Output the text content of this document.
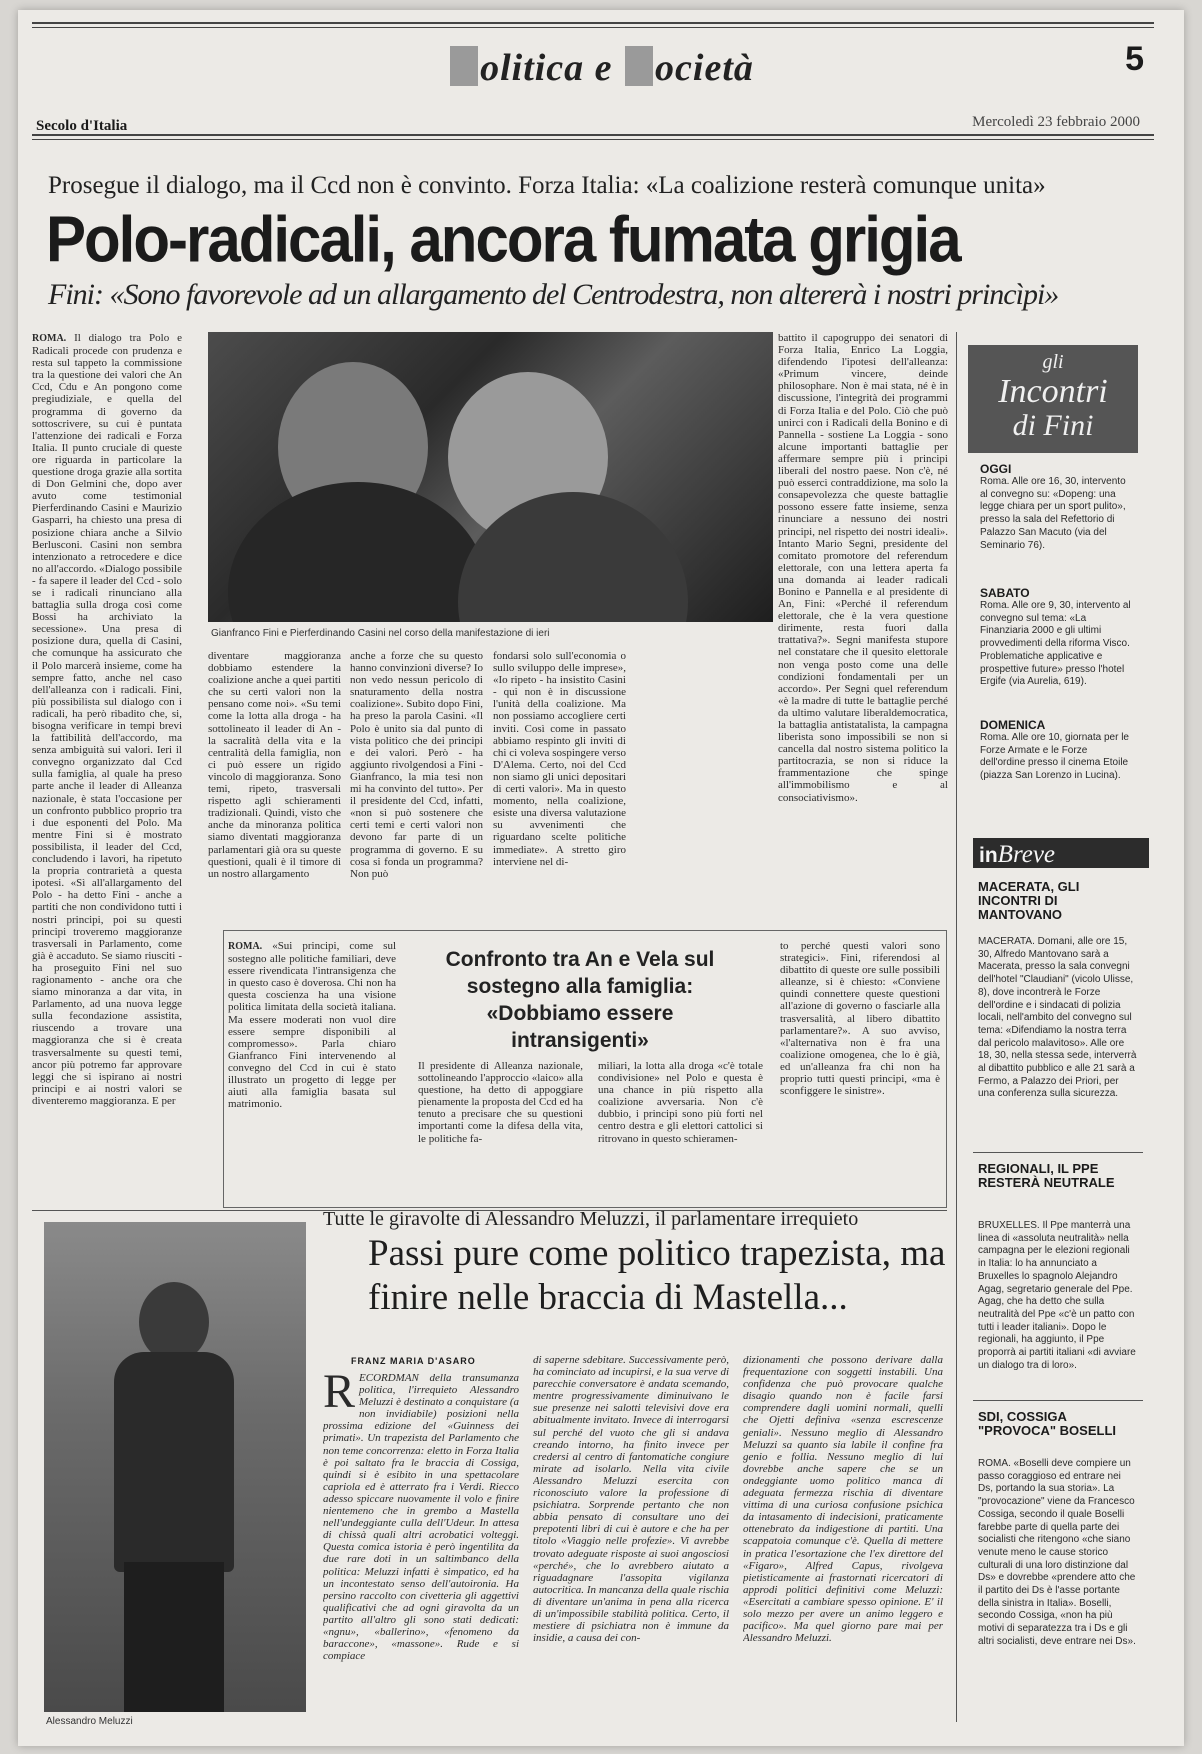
olitica e ocietà	5
Secolo d'Italia	Mercoledì 23 febbraio 2000
Prosegue il dialogo, ma il Ccd non è convinto. Forza Italia: «La coalizione resterà comunque unita»
Polo-radicali, ancora fumata grigia
Fini: «Sono favorevole ad un allargamento del Centrodestra, non altererà i nostri princìpi»
ROMA. Il dialogo tra Polo e Radicali procede con prudenza e resta sul tappeto la commissione tra la questione dei valori che An Ccd, Cdu e An pongono come pregiudiziale, e quella del programma di governo da sottoscrivere, su cui è puntata l'attenzione dei radicali e Forza Italia. Il punto cruciale di queste ore riguarda in particolare la questione droga grazie alla sortita di Don Gelmini che, dopo aver avuto come testimonial Pierferdinando Casini e Maurizio Gasparri, ha chiesto una presa di posizione chiara anche a Silvio Berlusconi. Casini non sembra intenzionato a retrocedere e dice no all'accordo. «Dialogo possibile - fa sapere il leader del Ccd - solo se i radicali rinunciano alla battaglia sulla droga così come Bossi ha archiviato la secessione». Una presa di posizione dura, quella di Casini, che comunque ha assicurato che il Polo marcerà insieme, come ha sempre fatto, anche nel caso dell'alleanza con i radicali. Fini, più possibilista sul dialogo con i radicali, ha però ribadito che, si, bisogna verificare in tempi brevi la fattibilità dell'accordo, ma senza ambiguità sui valori. Ieri il convegno organizzato dal Ccd sulla famiglia, al quale ha preso parte anche il leader di Alleanza nazionale, è stata l'occasione per un confronto pubblico proprio tra i due esponenti del Polo. Ma mentre Fini si è mostrato possibilista, il leader del Ccd, concludendo i lavori, ha ripetuto la propria contrarietà a questa ipotesi. «Sì all'allargamento del Polo - ha detto Fini - anche a partiti che non condividono tutti i nostri principi, poi su questi principi troveremo maggioranze trasversali in Parlamento, come già è accaduto. Se siamo riusciti - ha proseguito Fini nel suo ragionamento - anche ora che siamo minoranza a dar vita, in Parlamento, ad una nuova legge sulla fecondazione assistita, riuscendo a trovare una maggioranza che si è creata trasversalmente su questi temi, ancor più potremo far approvare leggi che si ispirano ai nostri principi e ai nostri valori se diventeremo maggioranza. E per
Gianfranco Fini e Pierferdinando Casini nel corso della manifestazione di ieri
diventare maggioranza dobbiamo estendere la coalizione anche a quei partiti che su certi valori non la pensano come noi». «Su temi come la lotta alla droga - ha sottolineato il leader di An - la sacralità della vita e la centralità della famiglia, non ci può essere un rigido vincolo di maggioranza. Sono temi, ripeto, trasversali rispetto agli schieramenti tradizionali. Quindi, visto che anche da minoranza politica siamo diventati maggioranza parlamentari già ora su queste questioni, quali è il timore di un nostro allargamento
anche a forze che su questo hanno convinzioni diverse? Io non vedo nessun pericolo di snaturamento della nostra coalizione». Subito dopo Fini, ha preso la parola Casini. «Il Polo è unito sia dal punto di vista politico che dei principi e dei valori. Però - ha aggiunto rivolgendosi a Fini - Gianfranco, la mia tesi non mi ha convinto del tutto». Per il presidente del Ccd, infatti, «non si può sostenere che certi temi e certi valori non devono far parte di un programma di governo. E su cosa si fonda un programma? Non può
fondarsi solo sull'economia o sullo sviluppo delle imprese», «Io ripeto - ha insistito Casini - qui non è in discussione l'unità della coalizione. Ma non possiamo accogliere certi inviti. Così come in passato abbiamo respinto gli inviti di chi ci voleva sospingere verso D'Alema. Certo, noi del Ccd non siamo gli unici depositari di certi valori». Ma in questo momento, nella coalizione, esiste una diversa valutazione su avvenimenti che riguardano scelte politiche immediate». A stretto giro interviene nel di-
battito il capogruppo dei senatori di Forza Italia, Enrico La Loggia, difendendo l'ipotesi dell'alleanza: «Primum vincere, deinde philosophare. Non è mai stata, né è in discussione, l'integrità dei programmi di Forza Italia e del Polo. Ciò che può unirci con i Radicali della Bonino e di Pannella - sostiene La Loggia - sono alcune importanti battaglie per affermare sempre più i principi liberali del nostro paese. Non c'è, né può esserci contraddizione, ma solo la consapevolezza che queste battaglie possono essere fatte insieme, senza rinunciare a nessuno dei nostri principi, nel rispetto dei nostri ideali». Intanto Mario Segni, presidente del comitato promotore del referendum elettorale, con una lettera aperta fa una domanda ai leader radicali Bonino e Pannella e al presidente di An, Fini: «Perché il referendum elettorale, che è la vera questione dirimente, resta fuori dalla trattativa?». Segni manifesta stupore nel constatare che il quesito elettorale non venga posto come una delle condizioni fondamentali per un accordo». Per Segni quel referendum «è la madre di tutte le battaglie perché da ultimo valutare liberaldemocratica, la battaglia antistatalista, la campagna liberista sono impossibili se non si cancella dal nostro sistema politico la partitocrazia, se non si riduce la frammentazione che spinge all'immobilismo e al consociativismo».
gli
Incontri
di Fini
OGGI
Roma. Alle ore 16, 30, intervento al convegno su: «Dopeng: una legge chiara per un sport pulito», presso la sala del Refettorio di Palazzo San Macuto (via del Seminario 76).
SABATO
Roma. Alle ore 9, 30, intervento al convegno sul tema: «La Finanziaria 2000 e gli ultimi provvedimenti della riforma Visco. Problematiche applicative e prospettive future» presso l'hotel Ergife (via Aurelia, 619).
DOMENICA
Roma. Alle ore 10, giornata per le Forze Armate e le Forze dell'ordine presso il cinema Etoile (piazza San Lorenzo in Lucina).
inBreve
MACERATA, GLI INCONTRI DI MANTOVANO
MACERATA. Domani, alle ore 15, 30, Alfredo Mantovano sarà a Macerata, presso la sala convegni dell'hotel "Claudiani" (vicolo Ulisse, 8), dove incontrerà le Forze dell'ordine e i sindacati di polizia locali, nell'ambito del convegno sul tema: «Difendiamo la nostra terra dal pericolo malavitoso». Alle ore 18, 30, nella stessa sede, interverrà al dibattito pubblico e alle 21 sarà a Fermo, a Palazzo dei Priori, per una conferenza sulla sicurezza.
REGIONALI, IL PPE RESTERÀ NEUTRALE
BRUXELLES. Il Ppe manterrà una linea di «assoluta neutralità» nella campagna per le elezioni regionali in Italia: lo ha annunciato a Bruxelles lo spagnolo Alejandro Agag, segretario generale del Ppe. Agag, che ha detto che sulla neutralità del Ppe «c'è un patto con tutti i leader italiani». Dopo le regionali, ha aggiunto, il Ppe proporrà ai partiti italiani «di avviare un dialogo tra di loro».
SDI, COSSIGA "PROVOCA" BOSELLI
ROMA. «Boselli deve compiere un passo coraggioso ed entrare nei Ds, portando la sua storia». La "provocazione" viene da Francesco Cossiga, secondo il quale Boselli farebbe parte di quella parte dei socialisti che ritengono «che siano venute meno le cause storico culturali di una loro distinzione dal Ds» e dovrebbe «prendere atto che il partito dei Ds è l'asse portante della sinistra in Italia». Boselli, secondo Cossiga, «non ha più motivi di separatezza tra i Ds e gli altri socialisti, deve entrare nei Ds».
Confronto tra An e Vela sul sostegno alla famiglia: «Dobbiamo essere intransigenti»
ROMA. «Sui principi, come sul sostegno alle politiche familiari, deve essere rivendicata l'intransigenza che in questo caso è doverosa. Chi non ha questa coscienza ha una visione politica limitata della società italiana. Ma essere moderati non vuol dire essere sempre disponibili al compromesso». Parla chiaro Gianfranco Fini intervenendo al convegno del Ccd in cui è stato illustrato un progetto di legge per aiuti alla famiglia basata sul matrimonio.
Il presidente di Alleanza nazionale, sottolineando l'approccio «laico» alla questione, ha detto di appoggiare pienamente la proposta del Ccd ed ha tenuto a precisare che su questioni importanti come la difesa della vita, le politiche fa-
miliari, la lotta alla droga «c'è totale condivisione» nel Polo e questa è una chance in più rispetto alla coalizione avversaria. Non c'è dubbio, i principi sono più forti nel centro destra e gli elettori cattolici si ritrovano in questo schieramen-
to perché questi valori sono strategici». Fini, riferendosi al dibattito di queste ore sulle possibili alleanze, si è chiesto: «Conviene quindi connettere queste questioni all'azione di governo o fasciarle alla trasversalità, al libero dibattito parlamentare?». A suo avviso, «l'alternativa non è fra una coalizione omogenea, che lo è già, ed un'alleanza fra chi non ha proprio tutti questi principi, «ma è sconfiggere le sinistre».
Alessandro Meluzzi
Tutte le giravolte di Alessandro Meluzzi, il parlamentare irrequieto
Passi pure come politico trapezista, ma finire nelle braccia di Mastella...
FRANZ MARIA D'ASARO
RECORDMAN della transumanza politica, l'irrequieto Alessandro Meluzzi è destinato a conquistare (a non invidiabile) posizioni nella prossima edizione del «Guinness dei primati». Un trapezista del Parlamento che non teme concorrenza: eletto in Forza Italia è poi saltato fra le braccia di Cossiga, quindi si è esibito in una spettacolare capriola ed è atterrato fra i Verdi. Riecco adesso spiccare nuovamente il volo e finire nientemeno che in grembo a Mastella nell'undeggiante culla dell'Udeur. In attesa di chissà quali altri acrobatici volteggi. Questa comica istoria è però ingentilita da due rare doti in un saltimbanco della politica: Meluzzi infatti è simpatico, ed ha un incontestato senso dell'autoironia. Ha persino raccolto con civetteria gli aggettivi qualificativi che ad ogni giravolta da un partito all'altro gli sono stati dedicati: «ngnu», «ballerino», «fenomeno da baraccone», «massone». Rude e si compiace
di saperne sdebitare. Successivamente però, ha cominciato ad incupirsi, e la sua verve di parecchie conversatore è andata scemando, mentre progressivamente diminuivano le sue presenze nei salotti televisivi dove era abitualmente invitato. Invece di interrogarsi sul perché del vuoto che gli si andava creando intorno, ha finito invece per credersi al centro di fantomatiche congiure mirate ad isolarlo. Nella vita civile Alessandro Meluzzi esercita con riconosciuto valore la professione di psichiatra. Sorprende pertanto che non abbia pensato di consultare uno dei prepotenti libri di cui è autore e che ha per titolo «Viaggio nelle profezie». Vi avrebbe trovato adeguate risposte ai suoi angosciosi «perché», che lo avrebbero aiutato a riguadagnare l'assopita vigilanza autocritica. In mancanza della quale rischia di diventare un'anima in pena alla ricerca di un'impossibile stabilità politica. Certo, il mestiere di psichiatra non è immune da insidie, a causa dei con-
dizionamenti che possono derivare dalla frequentazione con soggetti instabili. Una confidenza che può provocare qualche disagio quando non è facile farsi comprendere dagli uomini normali, quelli che Ojetti definiva «senza escrescenze geniali». Nessuno meglio di Alessandro Meluzzi sa quanto sia labile il confine fra genio e follia. Nessuno meglio di lui dovrebbe anche sapere che se un ondeggiante uomo politico manca di adeguata fermezza rischia di diventare vittima di una curiosa confusione psichica da intasamento di indecisioni, praticamente ottenebrato da indigestione di partiti. Una scappatoia comunque c'è. Quella di mettere in pratica l'esortazione che l'ex direttore del «Figaro», Alfred Capus, rivolgeva pietisticamente ai frastornati ricercatori di approdi politici definitivi come Meluzzi: «Esercitati a cambiare spesso opinione. E' il solo mezzo per avere un animo leggero e pacifico». Ma quel giorno pare mai per Alessandro Meluzzi.
